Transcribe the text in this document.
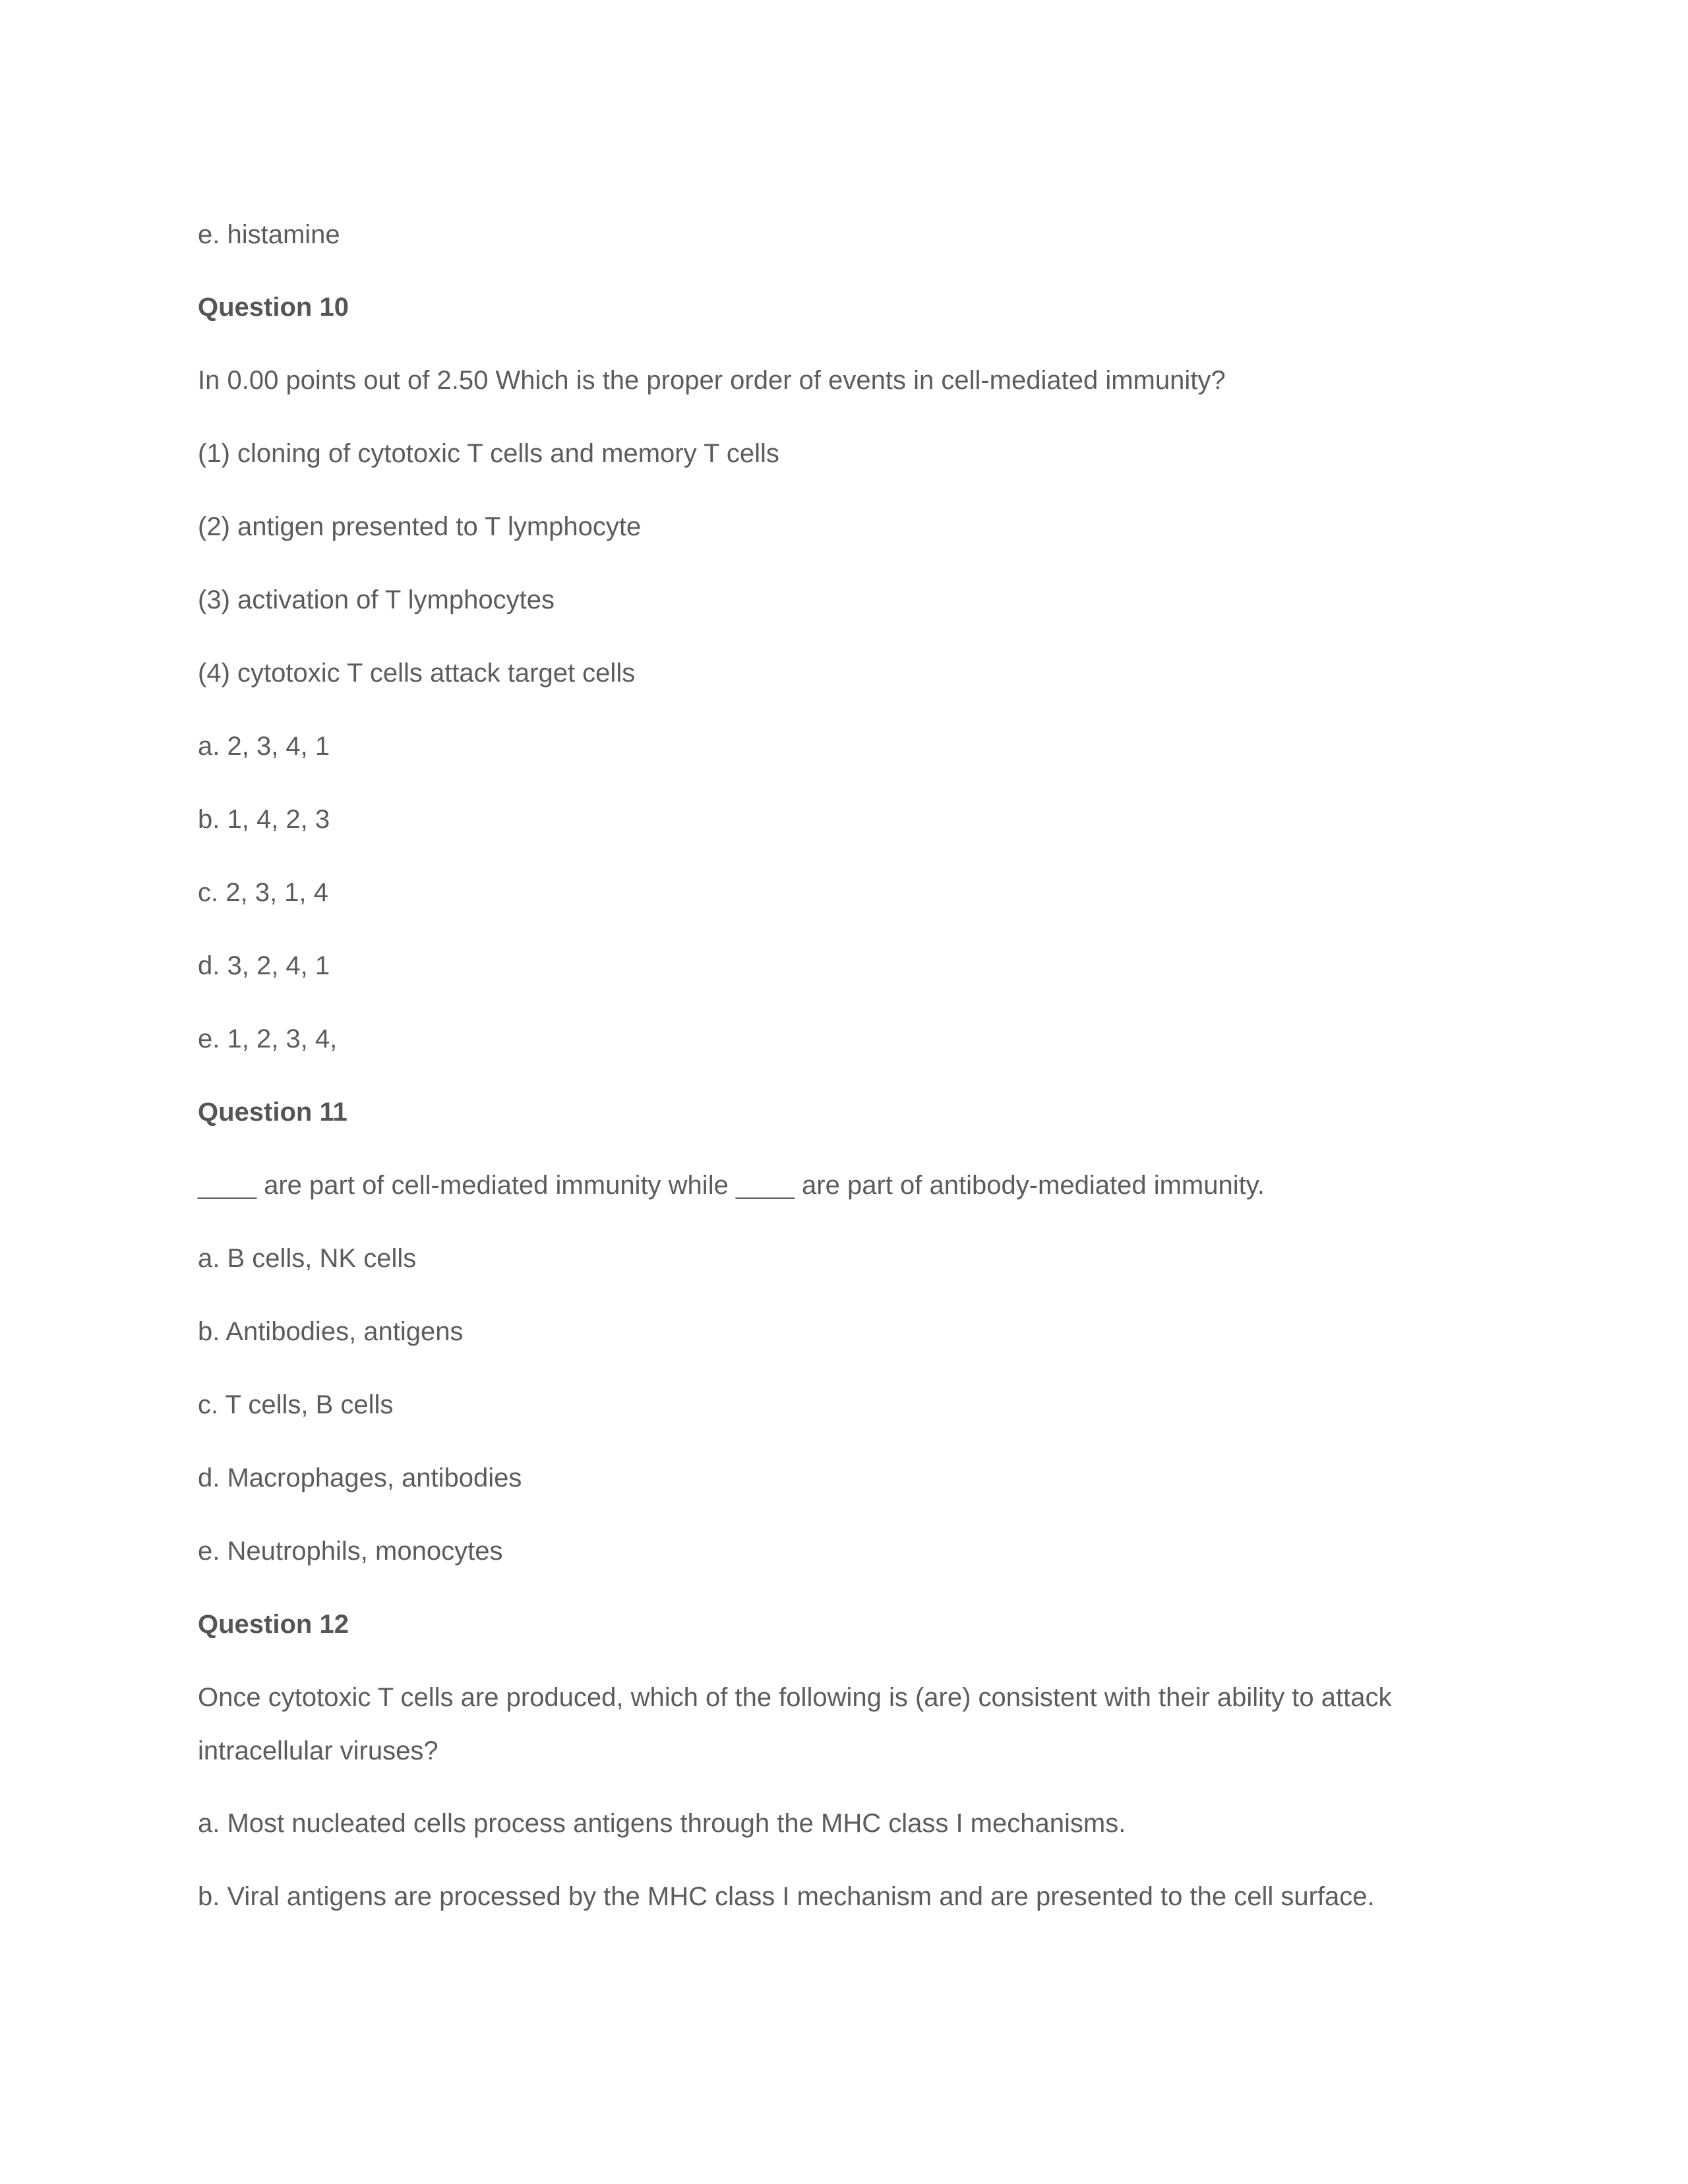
e. histamine
Question 10
In 0.00 points out of 2.50 Which is the proper order of events in cell-mediated immunity?
(1) cloning of cytotoxic T cells and memory T cells
(2) antigen presented to T lymphocyte
(3) activation of T lymphocytes
(4) cytotoxic T cells attack target cells
a. 2, 3, 4, 1
b. 1, 4, 2, 3
c. 2, 3, 1, 4
d. 3, 2, 4, 1
e. 1, 2, 3, 4,
Question 11
____ are part of cell-mediated immunity while ____ are part of antibody-mediated immunity.
a. B cells, NK cells
b. Antibodies, antigens
c. T cells, B cells
d. Macrophages, antibodies
e. Neutrophils, monocytes
Question 12
Once cytotoxic T cells are produced, which of the following is (are) consistent with their ability to attack
intracellular viruses?
a. Most nucleated cells process antigens through the MHC class I mechanisms.
b. Viral antigens are processed by the MHC class I mechanism and are presented to the cell surface.
